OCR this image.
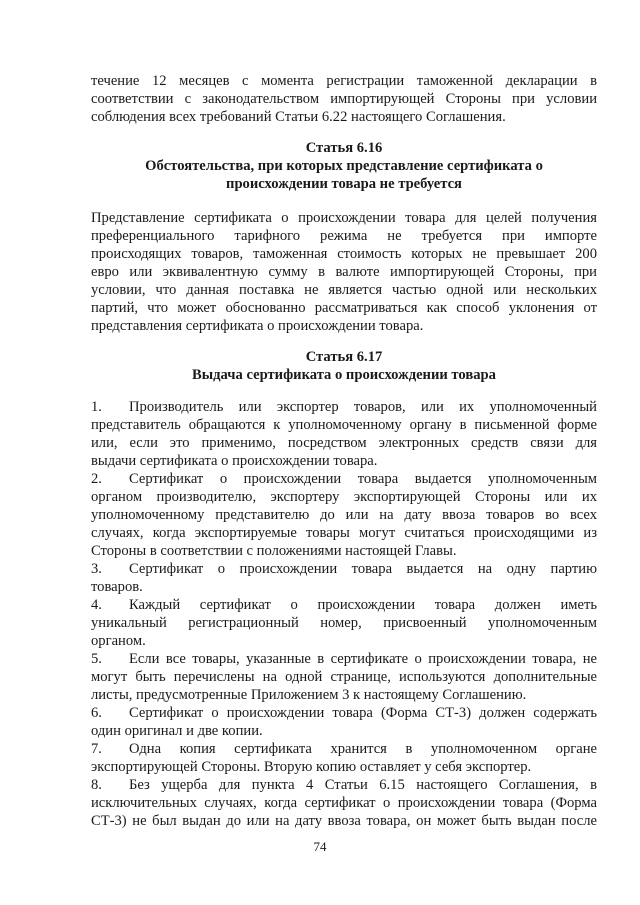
течение 12 месяцев с момента регистрации таможенной декларации в
соответствии с законодательством импортирующей Стороны при условии
соблюдения всех требований Статьи 6.22 настоящего Соглашения.
Статья 6.16
Обстоятельства, при которых представление сертификата о
происхождении товара не требуется
Представление сертификата о происхождении товара для целей получения
преференциального тарифного режима не требуется при импорте
происходящих товаров, таможенная стоимость которых не превышает 200
евро или эквивалентную сумму в валюте импортирующей Стороны, при
условии, что данная поставка не является частью одной или нескольких
партий, что может обоснованно рассматриваться как способ уклонения от
представления сертификата о происхождении товара.
Статья 6.17
Выдача сертификата о происхождении товара
1. Производитель или экспортер товаров, или их уполномоченный
представитель обращаются к уполномоченному органу в письменной форме
или, если это применимо, посредством электронных средств связи для
выдачи сертификата о происхождении товара.
2. Сертификат о происхождении товара выдается уполномоченным
органом производителю, экспортеру экспортирующей Стороны или их
уполномоченному представителю до или на дату ввоза товаров во всех
случаях, когда экспортируемые товары могут считаться происходящими из
Стороны в соответствии с положениями настоящей Главы.
3. Сертификат о происхождении товара выдается на одну партию
товаров.
4. Каждый сертификат о происхождении товара должен иметь
уникальный регистрационный номер, присвоенный уполномоченным
органом.
5. Если все товары, указанные в сертификате о происхождении товара, не
могут быть перечислены на одной странице, используются дополнительные
листы, предусмотренные Приложением 3 к настоящему Соглашению.
6. Сертификат о происхождении товара (Форма СТ-3) должен содержать
один оригинал и две копии.
7. Одна копия сертификата хранится в уполномоченном органе
экспортирующей Стороны. Вторую копию оставляет у себя экспортер.
8. Без ущерба для пункта 4 Статьи 6.15 настоящего Соглашения, в
исключительных случаях, когда сертификат о происхождении товара (Форма
СТ-3) не был выдан до или на дату ввоза товара, он может быть выдан после
74
